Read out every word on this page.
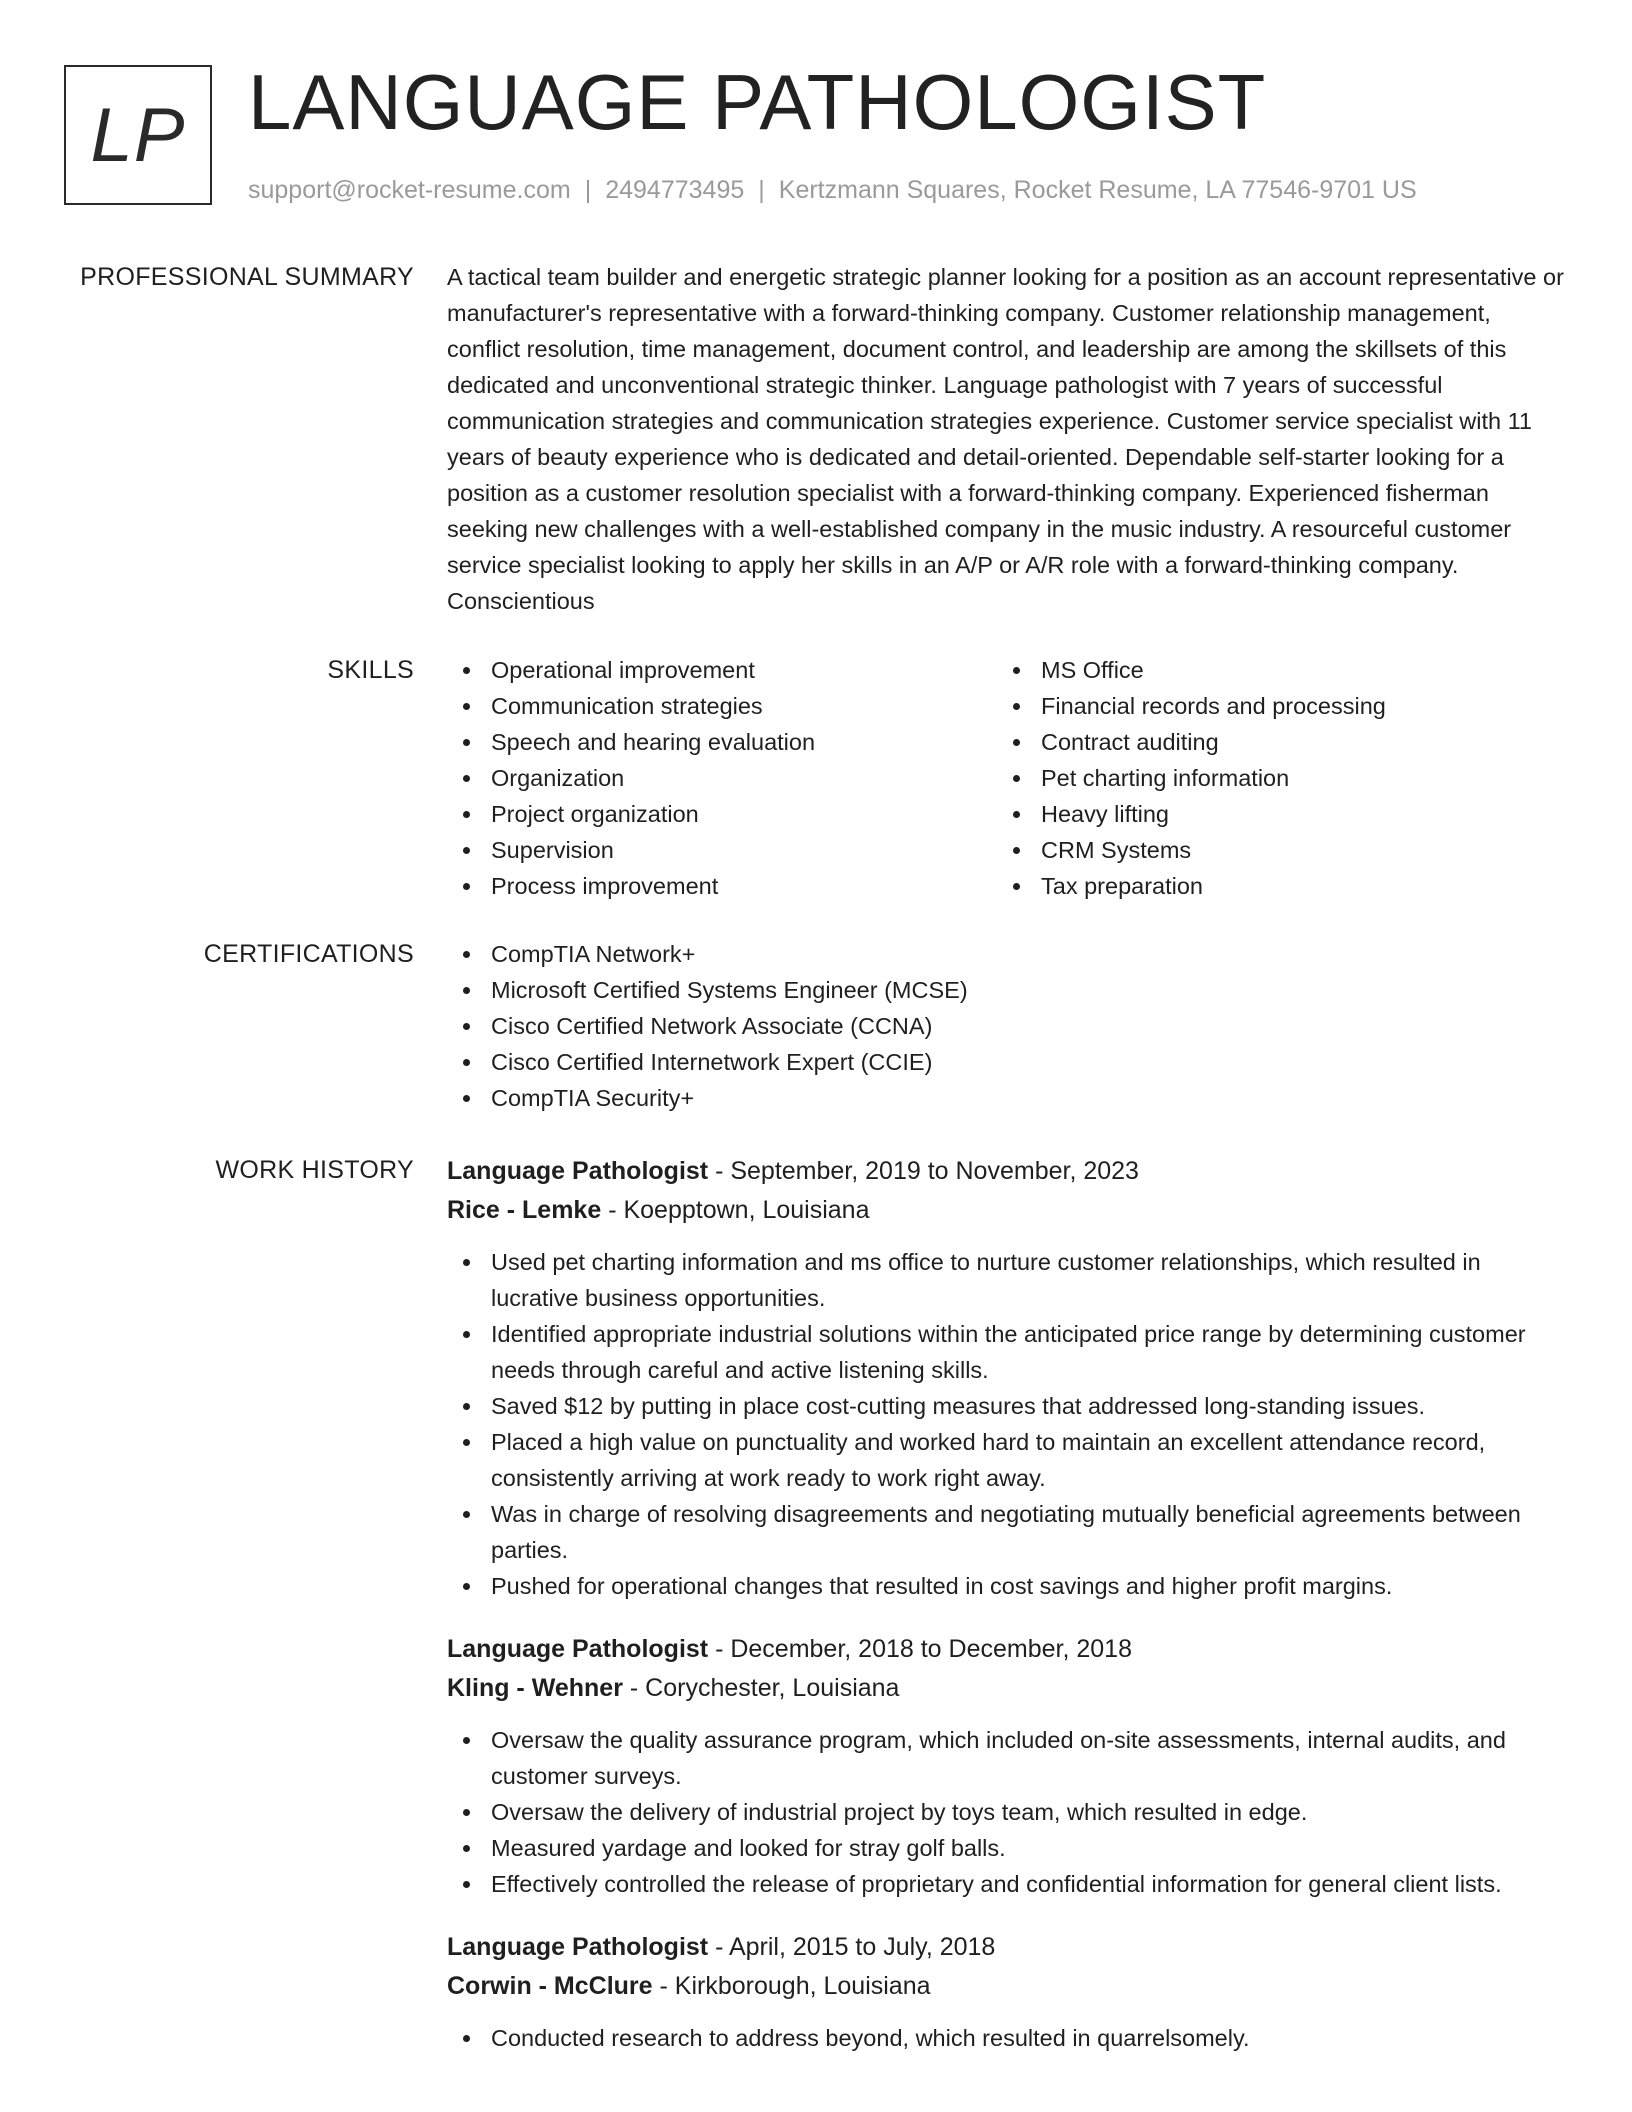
LP LANGUAGE PATHOLOGIST
support@rocket-resume.com | 2494773495 | Kertzmann Squares, Rocket Resume, LA 77546-9701 US
PROFESSIONAL SUMMARY A tactical team builder and energetic strategic planner looking for a position as an account representative or manufacturer's representative with a forward-thinking company. Customer relationship management, conflict resolution, time management, document control, and leadership are among the skillsets of this dedicated and unconventional strategic thinker. Language pathologist with 7 years of successful communication strategies and communication strategies experience. Customer service specialist with 11 years of beauty experience who is dedicated and detail-oriented. Dependable self-starter looking for a position as a customer resolution specialist with a forward-thinking company. Experienced fisherman seeking new challenges with a well-established company in the music industry. A resourceful customer service specialist looking to apply her skills in an A/P or A/R role with a forward-thinking company. Conscientious

SKILLS	Operational improvement
Communication strategies
Speech and hearing evaluation
Organization
Project organization
Supervision
Process improvement
MS Office
Financial records and processing
Contract auditing
Pet charting information
Heavy lifting
CRM Systems
Tax preparation
CERTIFICATIONS	CompTIA Network+
Microsoft Certified Systems Engineer (MCSE)
Cisco Certified Network Associate (CCNA)
Cisco Certified Internetwork Expert (CCIE)
CompTIA Security+
WORK HISTORY Language Pathologist - September, 2019 to November, 2023
Rice - Lemke - Koepptown, Louisiana
Used pet charting information and ms office to nurture customer relationships, which resulted in lucrative business opportunities.
Identified appropriate industrial solutions within the anticipated price range by determining customer needs through careful and active listening skills.
Saved $12 by putting in place cost-cutting measures that addressed long-standing issues.
Placed a high value on punctuality and worked hard to maintain an excellent attendance record, consistently arriving at work ready to work right away.
Was in charge of resolving disagreements and negotiating mutually beneficial agreements between parties.
Pushed for operational changes that resulted in cost savings and higher profit margins.
Language Pathologist - December, 2018 to December, 2018
Kling - Wehner - Corychester, Louisiana
Oversaw the quality assurance program, which included on-site assessments, internal audits, and customer surveys.
Oversaw the delivery of industrial project by toys team, which resulted in edge.
Measured yardage and looked for stray golf balls.
Effectively controlled the release of proprietary and confidential information for general client lists.
Language Pathologist - April, 2015 to July, 2018
Corwin - McClure - Kirkborough, Louisiana
Conducted research to address beyond, which resulted in quarrelsomely.
